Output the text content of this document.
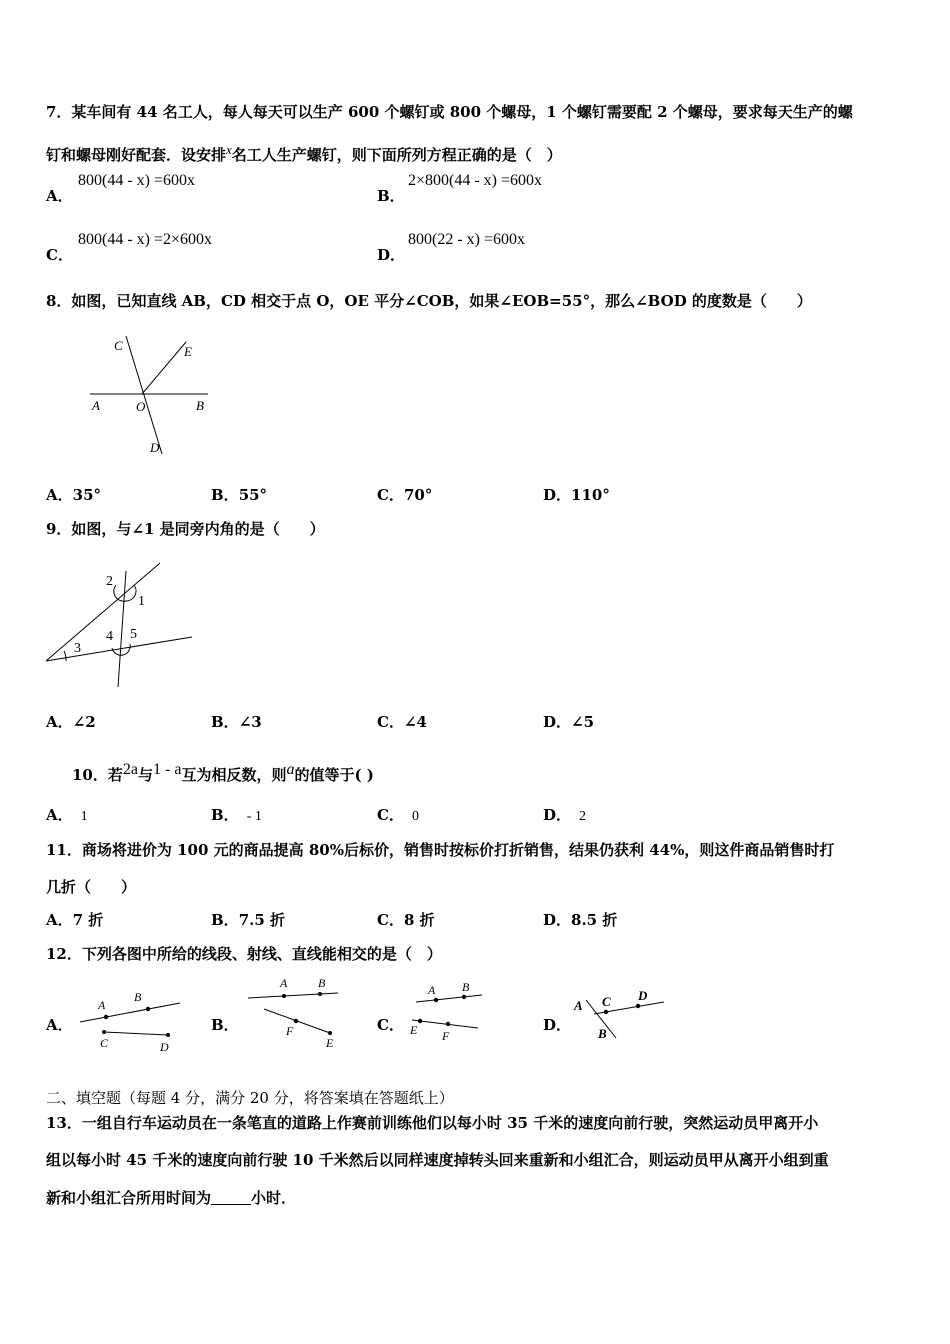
7．某车间有 44 名工人，每人每天可以生产 600 个螺钉或 800 个螺母，1 个螺钉需要配 2 个螺母，要求每天生产的螺
钉和螺母刚好配套．设安排$^x$名工人生产螺钉，则下面所列方程正确的是（　）
A．
800(44 - x) =600x
B．
2×800(44 - x) =600x
C．
800(44 - x) =2×600x
D．
800(22 - x) =600x
8．如图，已知直线 AB，CD 相交于点 O，OE 平分∠COB，如果∠EOB=55°，那么∠BOD 的度数是（　　）
C	E
A	O	B
D
A．35°	B．55°	C．70°	D．110°
9．如图，与∠1 是同旁内角的是（　　）
2
1
3
4 5
A．∠2	B．∠3	C．∠4	D．∠5
10．若$^{2a}$与$^{1 - a}$互为相反数，则$^a$的值等于( )
A． 1	B． - 1	C． 0	D． 2
11．商场将进价为 100 元的商品提高 80%后标价，销售时按标价打折销售，结果仍获利 44%，则这件商品销售时打
几折（　　）
A．7 折	B．7.5 折	C．8 折	D．8.5 折
12．下列各图中所给的线段、射线、直线能相交的是（　）
A．
A
B
C	D
B．
A	B
F
E
C．
A B
E F
D．
A C D
B
二、填空题（每题 4 分，满分 20 分，将答案填在答题纸上）
13．一组自行车运动员在一条笔直的道路上作赛前训练他们以每小时 35 千米的速度向前行驶，突然运动员甲离开小
组以每小时 45 千米的速度向前行驶 10 千米然后以同样速度掉转头回来重新和小组汇合，则运动员甲从离开小组到重
新和小组汇合所用时间为	小时．
